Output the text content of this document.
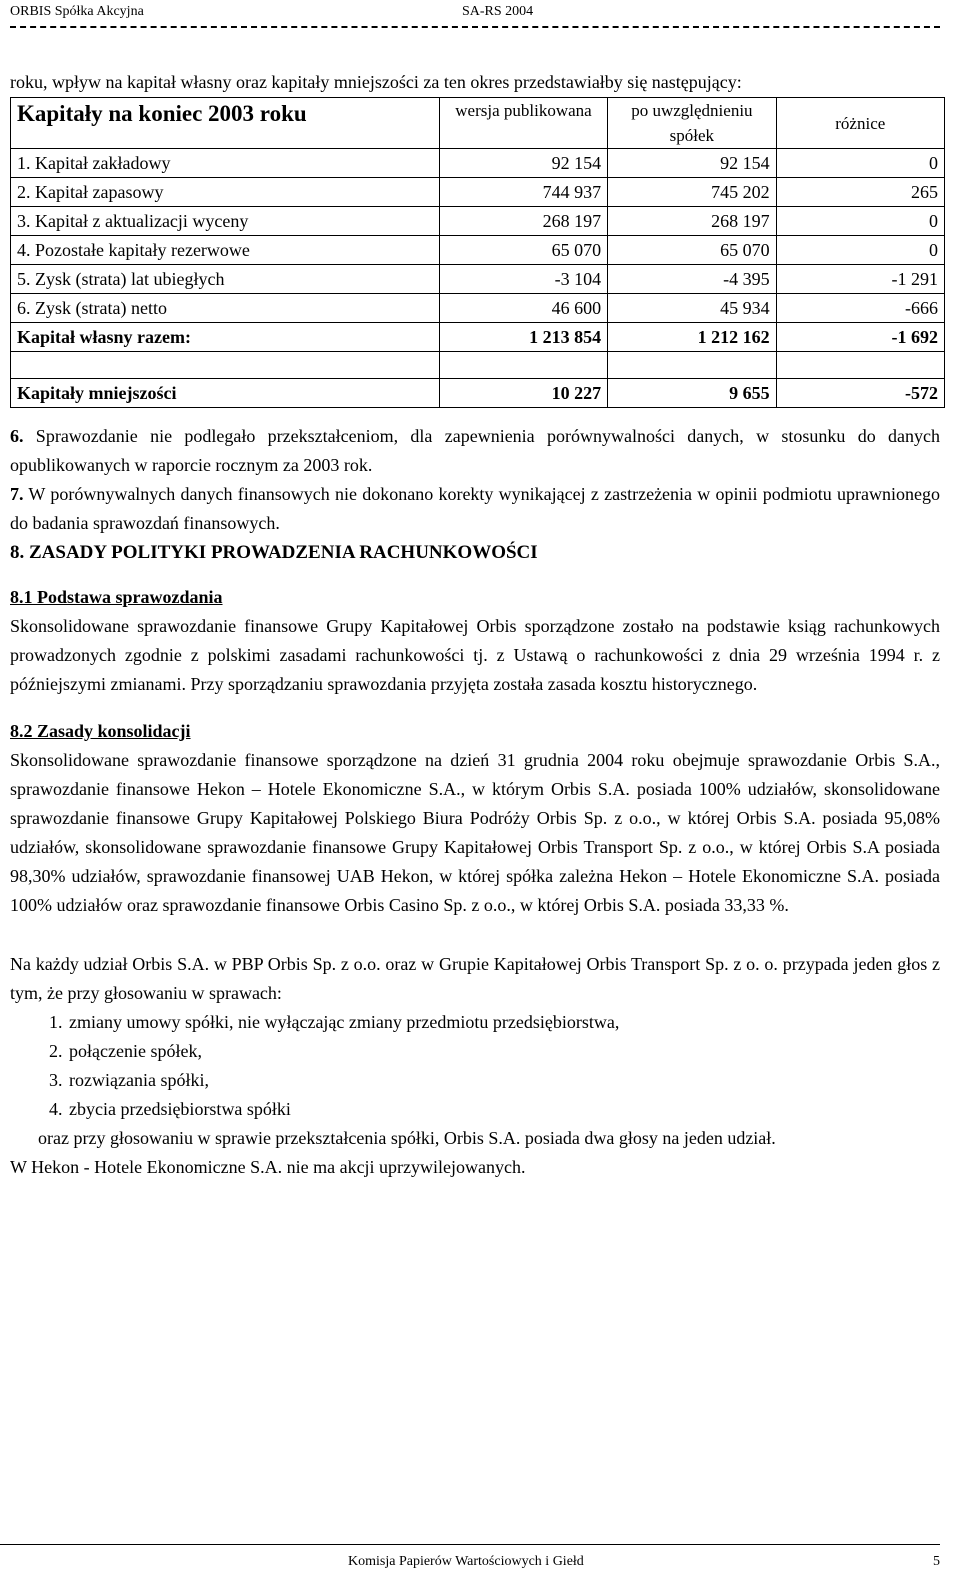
ORBIS Spółka Akcyjna	SA-RS 2004

roku, wpływ na kapitał własny oraz kapitały mniejszości za ten okres przedstawiałby się następujący:

Kapitały na koniec 2003 roku	wersja publikowana	po uwzględnieniu spółek	różnice
1. Kapitał zakładowy	92 154	92 154	0
2. Kapitał zapasowy	744 937	745 202	265
3. Kapitał z aktualizacji wyceny	268 197	268 197	0
4. Pozostałe kapitały rezerwowe	65 070	65 070	0
5. Zysk (strata) lat ubiegłych	-3 104	-4 395	-1 291
6. Zysk (strata) netto	46 600	45 934	-666
Kapitał własny razem:	1 213 854	1 212 162	-1 692

Kapitały mniejszości	10 227	9 655	-572

6. Sprawozdanie nie podlegało przekształceniom, dla zapewnienia porównywalności danych, w stosunku do danych opublikowanych w raporcie rocznym za 2003 rok.

7. W porównywalnych danych finansowych nie dokonano korekty wynikającej z zastrzeżenia w opinii podmiotu uprawnionego do badania sprawozdań finansowych.

8. ZASADY POLITYKI PROWADZENIA RACHUNKOWOŚCI

8.1 Podstawa sprawozdania
Skonsolidowane sprawozdanie finansowe Grupy Kapitałowej Orbis sporządzone zostało na podstawie ksiąg rachunkowych prowadzonych zgodnie z polskimi zasadami rachunkowości tj. z Ustawą o rachunkowości z dnia 29 września 1994 r. z późniejszymi zmianami. Przy sporządzaniu sprawozdania przyjęta została zasada kosztu historycznego.

8.2 Zasady konsolidacji
Skonsolidowane sprawozdanie finansowe sporządzone na dzień 31 grudnia 2004 roku obejmuje sprawozdanie Orbis S.A., sprawozdanie finansowe Hekon – Hotele Ekonomiczne S.A., w którym Orbis S.A. posiada 100% udziałów, skonsolidowane sprawozdanie finansowe Grupy Kapitałowej Polskiego Biura Podróży Orbis Sp. z o.o., w której Orbis S.A. posiada 95,08% udziałów, skonsolidowane sprawozdanie finansowe Grupy Kapitałowej Orbis Transport Sp. z o.o., w której Orbis S.A posiada 98,30% udziałów, sprawozdanie finansowej UAB Hekon, w której spółka zależna Hekon – Hotele Ekonomiczne S.A. posiada 100% udziałów oraz sprawozdanie finansowe Orbis Casino Sp. z o.o., w której Orbis S.A. posiada 33,33 %.

Na każdy udział Orbis S.A. w PBP Orbis Sp. z o.o. oraz w Grupie Kapitałowej Orbis Transport Sp. z o. o. przypada jeden głos z tym, że przy głosowaniu w sprawach:

1. zmiany umowy spółki, nie wyłączając zmiany przedmiotu przedsiębiorstwa,
2. połączenie spółek,
3. rozwiązania spółki,
4. zbycia przedsiębiorstwa spółki

oraz przy głosowaniu w sprawie przekształcenia spółki, Orbis S.A. posiada dwa głosy na jeden udział.

W Hekon - Hotele Ekonomiczne S.A. nie ma akcji uprzywilejowanych.

Komisja Papierów Wartościowych i Giełd	5
